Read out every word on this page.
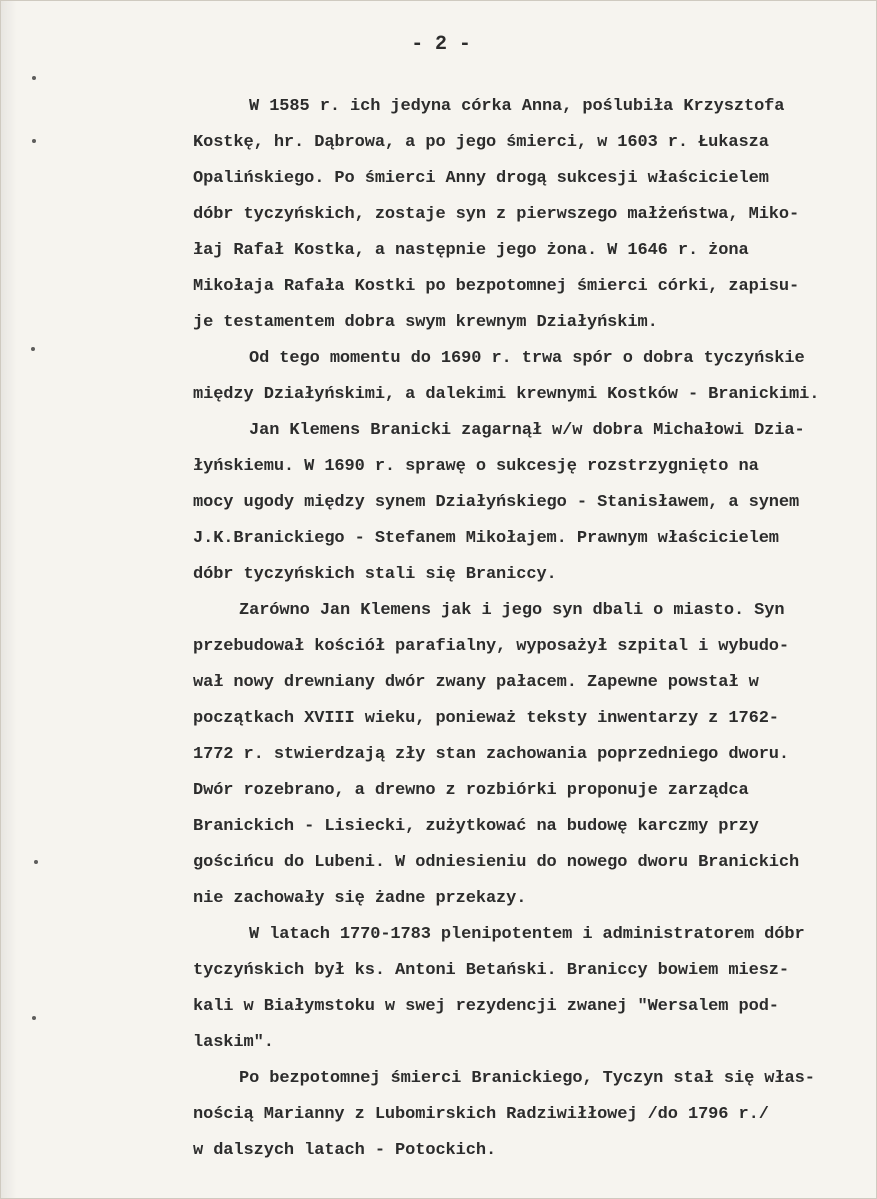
- 2 -
W 1585 r. ich jedyna córka Anna, poślubiła Krzysztofa
Kostkę, hr. Dąbrowa, a po jego śmierci, w 1603 r. Łukasza
Opalińskiego. Po śmierci Anny drogą sukcesji właścicielem
dóbr tyczyńskich, zostaje syn z pierwszego małżeństwa, Miko-
łaj Rafał Kostka, a następnie jego żona. W 1646 r. żona
Mikołaja Rafała Kostki po bezpotomnej śmierci córki, zapisu-
je testamentem dobra swym krewnym Działyńskim.
Od tego momentu do 1690 r. trwa spór o dobra tyczyńskie
między Działyńskimi, a dalekimi krewnymi Kostków - Branickimi.
Jan Klemens Branicki zagarnął w/w dobra Michałowi Dzia-
łyńskiemu. W 1690 r. sprawę o sukcesję rozstrzygnięto na
mocy ugody między synem Działyńskiego - Stanisławem, a synem
J.K.Branickiego - Stefanem Mikołajem. Prawnym właścicielem
dóbr tyczyńskich stali się Braniccy.
Zarówno Jan Klemens jak i jego syn dbali o miasto. Syn
przebudował kościół parafialny, wyposażył szpital i wybudo-
wał nowy drewniany dwór zwany pałacem. Zapewne powstał w
początkach XVIII wieku, ponieważ teksty inwentarzy z 1762-
1772 r. stwierdzają zły stan zachowania poprzedniego dworu.
Dwór rozebrano, a drewno z rozbiórki proponuje zarządca
Branickich - Lisiecki, zużytkować na budowę karczmy przy
gościńcu do Lubeni. W odniesieniu do nowego dworu Branickich
nie zachowały się żadne przekazy.
W latach 1770-1783 plenipotentem i administratorem dóbr
tyczyńskich był ks. Antoni Betański. Braniccy bowiem miesz-
kali w Białymstoku w swej rezydencji zwanej "Wersalem pod-
laskim".
Po bezpotomnej śmierci Branickiego, Tyczyn stał się włas-
nością Marianny z Lubomirskich Radziwiłłowej /do 1796 r./
w dalszych latach - Potockich.
